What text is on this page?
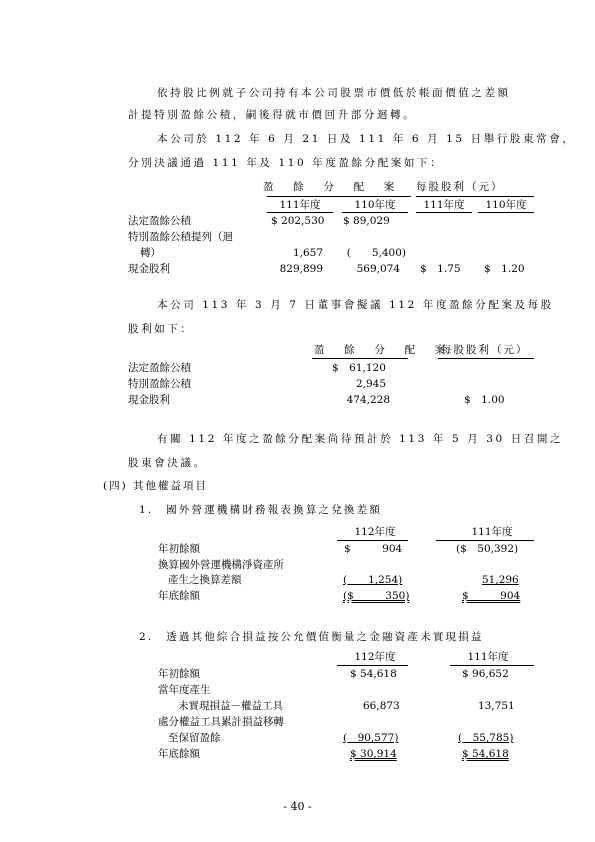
依持股比例就子公司持有本公司股票市價低於帳面價值之差額
計提特別盈餘公積，嗣後得就市價回升部分迴轉。
本公司於 112 年 6 月 21 日及 111 年 6 月 15 日舉行股東常會，
分別決議通過 111 年及 110 年度盈餘分配案如下：
盈　餘　分　配　案 每股股利（元）
111年度	110年度	111年度	110年度
法定盈餘公積	$ 202,530 $ 89,029
特別盈餘公積提列（迴
轉）	1,657	(　　5,400)
現金股利	829,899	569,074 $　1.75 $　1.20
本公司 113 年 3 月 7 日董事會擬議 112 年度盈餘分配案及每股
股利如下：
盈　餘　分　配　案
每股股利（元）
法定盈餘公積	$　61,120
特別盈餘公積	2,945
現金股利	474,228	$　1.00
有關 112 年度之盈餘分配案尚待預計於 113 年 5 月 30 日召開之
股東會決議。
(四) 其他權益項目
1.　國外營運機構財務報表換算之兌換差額
112年度	111年度
年初餘額	$　　　904	($　50,392)
換算國外營運機構淨資產所
產生之換算差額	(　　1,254)	51,296
年底餘額	($　　　350)	$　　　904
2.　透過其他綜合損益按公允價值衡量之金融資產未實現損益
112年度	111年度
年初餘額	$ 54,618	$ 96,652
當年度產生
未實現損益－權益工具	66,873	13,751
處分權益工具累計損益移轉
至保留盈餘	(　90,577)	(　55,785)
年底餘額	$ 30,914	$ 54,618
- 40 -
